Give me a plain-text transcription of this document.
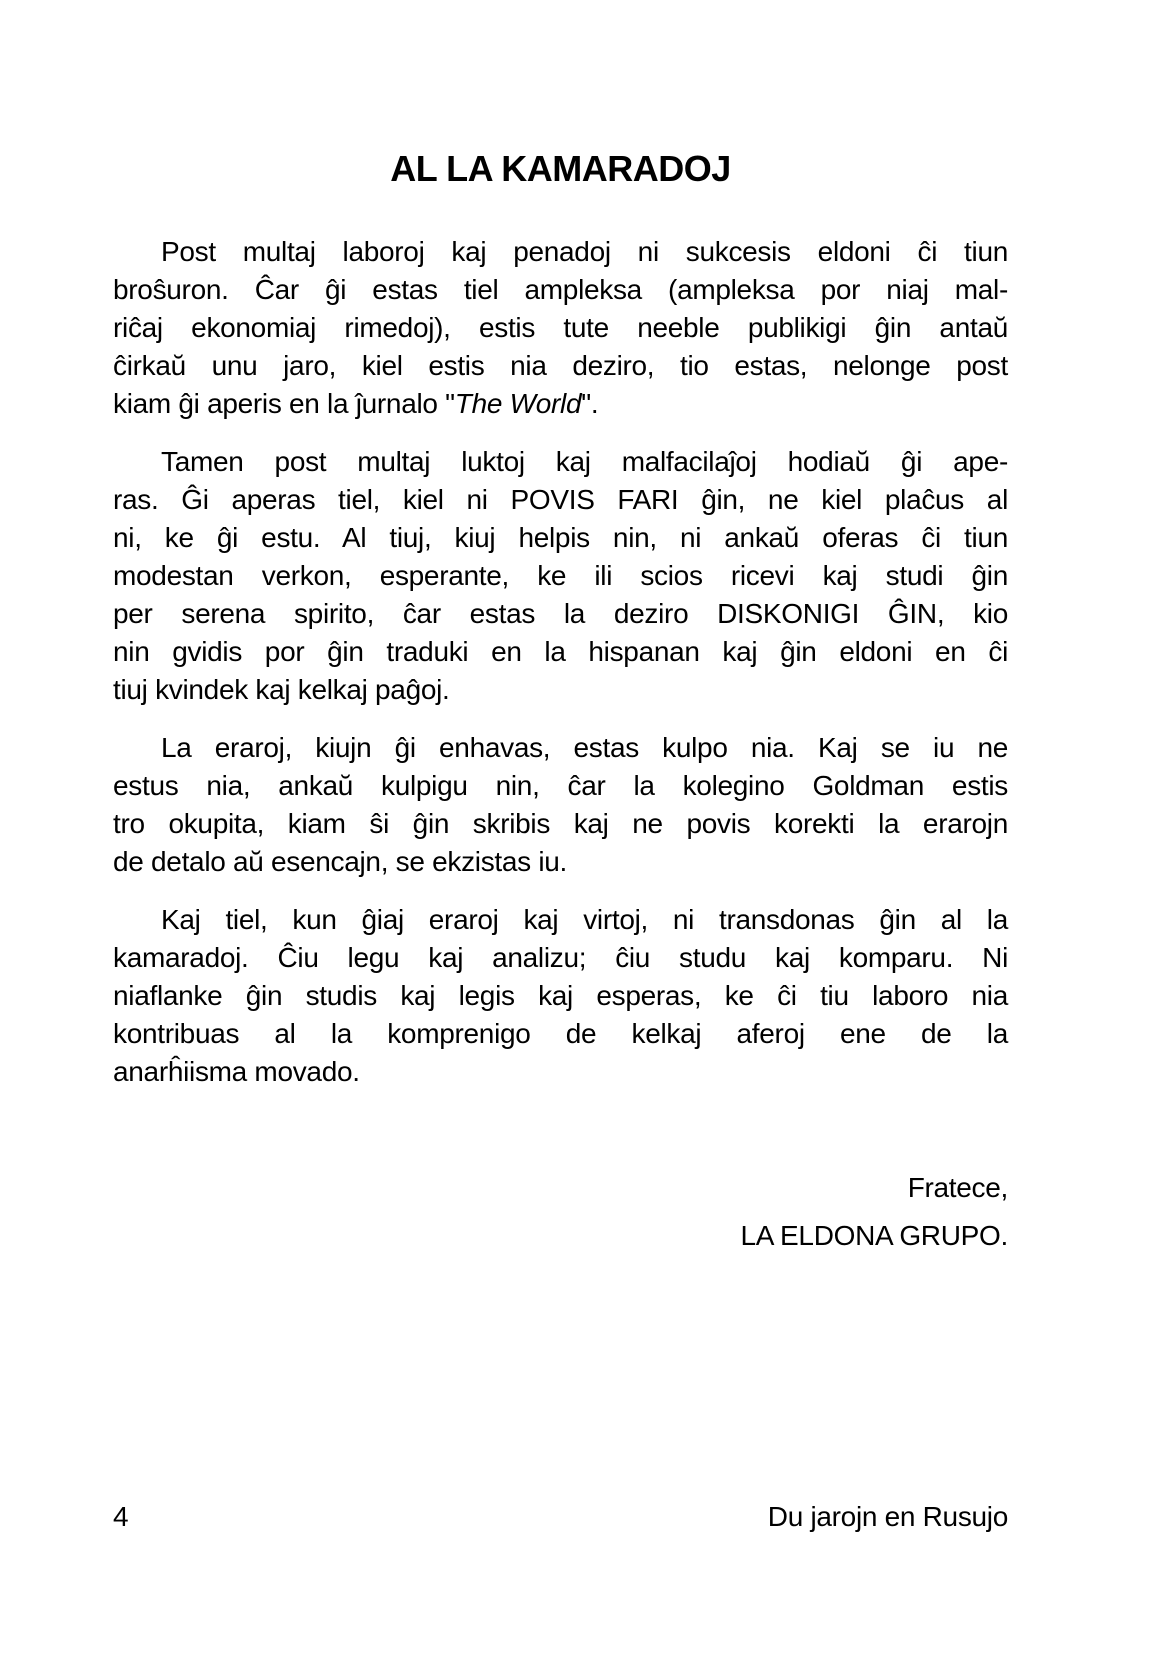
AL LA KAMARADOJ
Post multaj laboroj kaj penadoj ni sukcesis eldoni ĉi tiun
broŝuron. Ĉar ĝi estas tiel ampleksa (ampleksa por niaj mal-
riĉaj ekonomiaj rimedoj), estis tute neeble publikigi ĝin antaŭ
ĉirkaŭ unu jaro, kiel estis nia deziro, tio estas, nelonge post
kiam ĝi aperis en la ĵurnalo "The World".
Tamen post multaj luktoj kaj malfacilaĵoj hodiaŭ ĝi ape-
ras. Ĝi aperas tiel, kiel ni POVIS FARI ĝin, ne kiel plaĉus al
ni, ke ĝi estu. Al tiuj, kiuj helpis nin, ni ankaŭ oferas ĉi tiun
modestan verkon, esperante, ke ili scios ricevi kaj studi ĝin
per serena spirito, ĉar estas la deziro DISKONIGI ĜIN, kio
nin gvidis por ĝin traduki en la hispanan kaj ĝin eldoni en ĉi
tiuj kvindek kaj kelkaj paĝoj.
La eraroj, kiujn ĝi enhavas, estas kulpo nia. Kaj se iu ne
estus nia, ankaŭ kulpigu nin, ĉar la kolegino Goldman estis
tro okupita, kiam ŝi ĝin skribis kaj ne povis korekti la erarojn
de detalo aŭ esencajn, se ekzistas iu.
Kaj tiel, kun ĝiaj eraroj kaj virtoj, ni transdonas ĝin al la
kamaradoj. Ĉiu legu kaj analizu; ĉiu studu kaj komparu. Ni
niaflanke ĝin studis kaj legis kaj esperas, ke ĉi tiu laboro nia
kontribuas al la komprenigo de kelkaj aferoj ene de la
anarĥiisma movado.
Fratece,
LA ELDONA GRUPO.
4	Du jarojn en Rusujo
